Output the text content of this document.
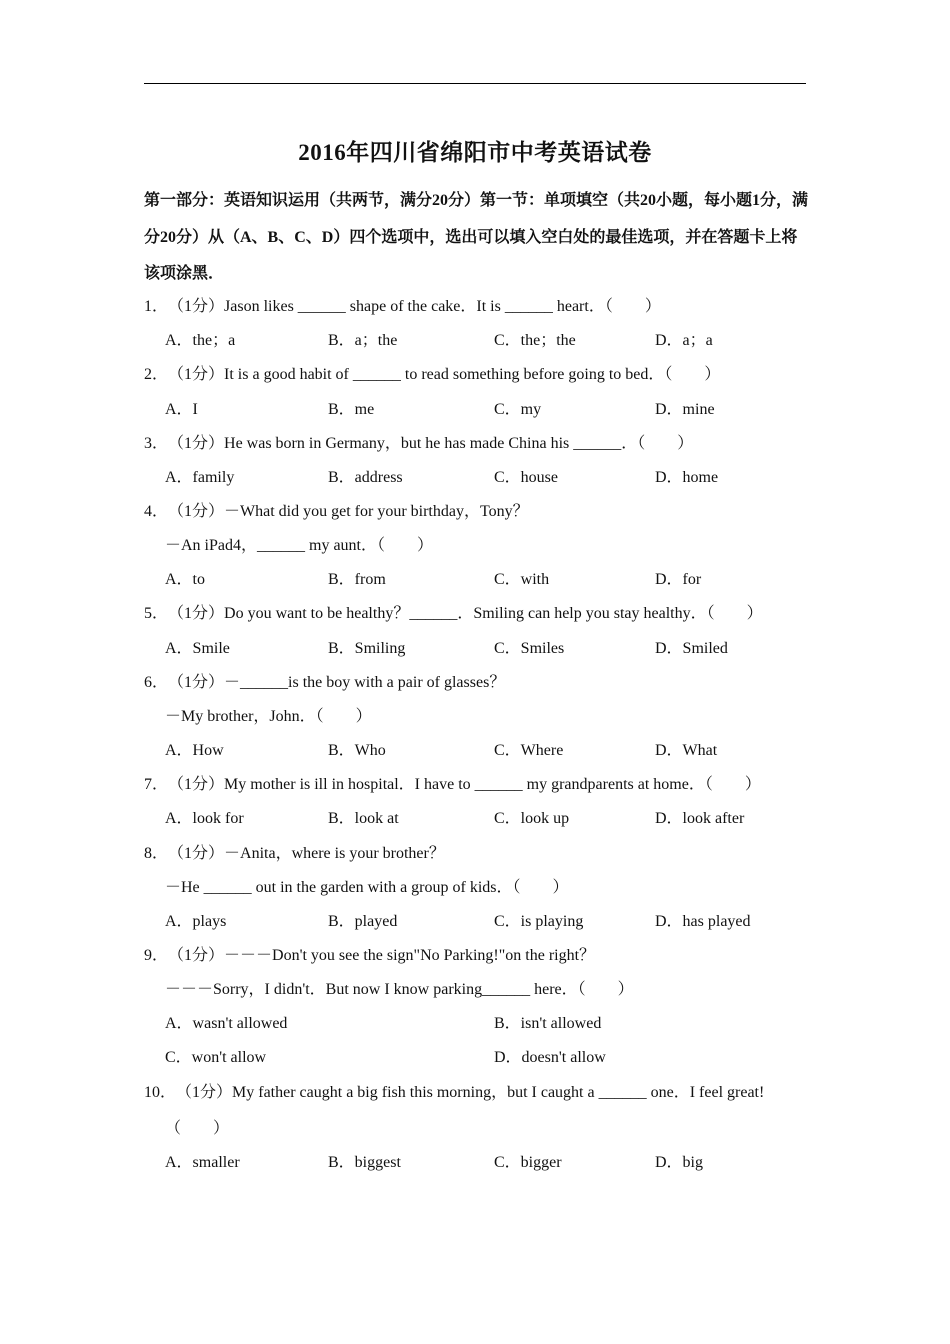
2016年四川省绵阳市中考英语试卷
第一部分：英语知识运用（共两节，满分20分）第一节：单项填空（共20小题，每小题1分，满分20分）从（A、B、C、D）四个选项中，选出可以填入空白处的最佳选项，并在答题卡上将该项涂黑．
1．（1分）Jason likes ______ shape of the cake．It is ______ heart．（　　）
A．the；a	B．a；the	C．the；the	D．a；a
2．（1分）It is a good habit of ______ to read something before going to bed．（　　）
A．I	B．me	C．my	D．mine
3．（1分）He was born in Germany，but he has made China his ______．（　　）
A．family	B．address	C．house	D．home
4．（1分）－What did you get for your birthday，Tony？
－An iPad4，______ my aunt．（　　）
A．to	B．from	C．with	D．for
5．（1分）Do you want to be healthy？______．Smiling can help you stay healthy．（　　）
A．Smile	B．Smiling	C．Smiles	D．Smiled
6．（1分）－______is the boy with a pair of glasses？
－My brother，John．（　　）
A．How	B．Who	C．Where	D．What
7．（1分）My mother is ill in hospital．I have to ______ my grandparents at home．（　　）
A．look for	B．look at	C．look up	D．look after
8．（1分）－Anita，where is your brother？
－He ______ out in the garden with a group of kids．（　　）
A．plays	B．played	C．is playing	D．has played
9．（1分）－－－Don't you see the sign"No Parking!"on the right？
－－－Sorry，I didn't．But now I know parking______ here．（　　）
A．wasn't allowed	B．isn't allowed
C．won't allow	D．doesn't allow
10．（1分）My father caught a big fish this morning，but I caught a ______ one．I feel great!
（　　）
A．smaller	B．biggest	C．bigger	D．big
